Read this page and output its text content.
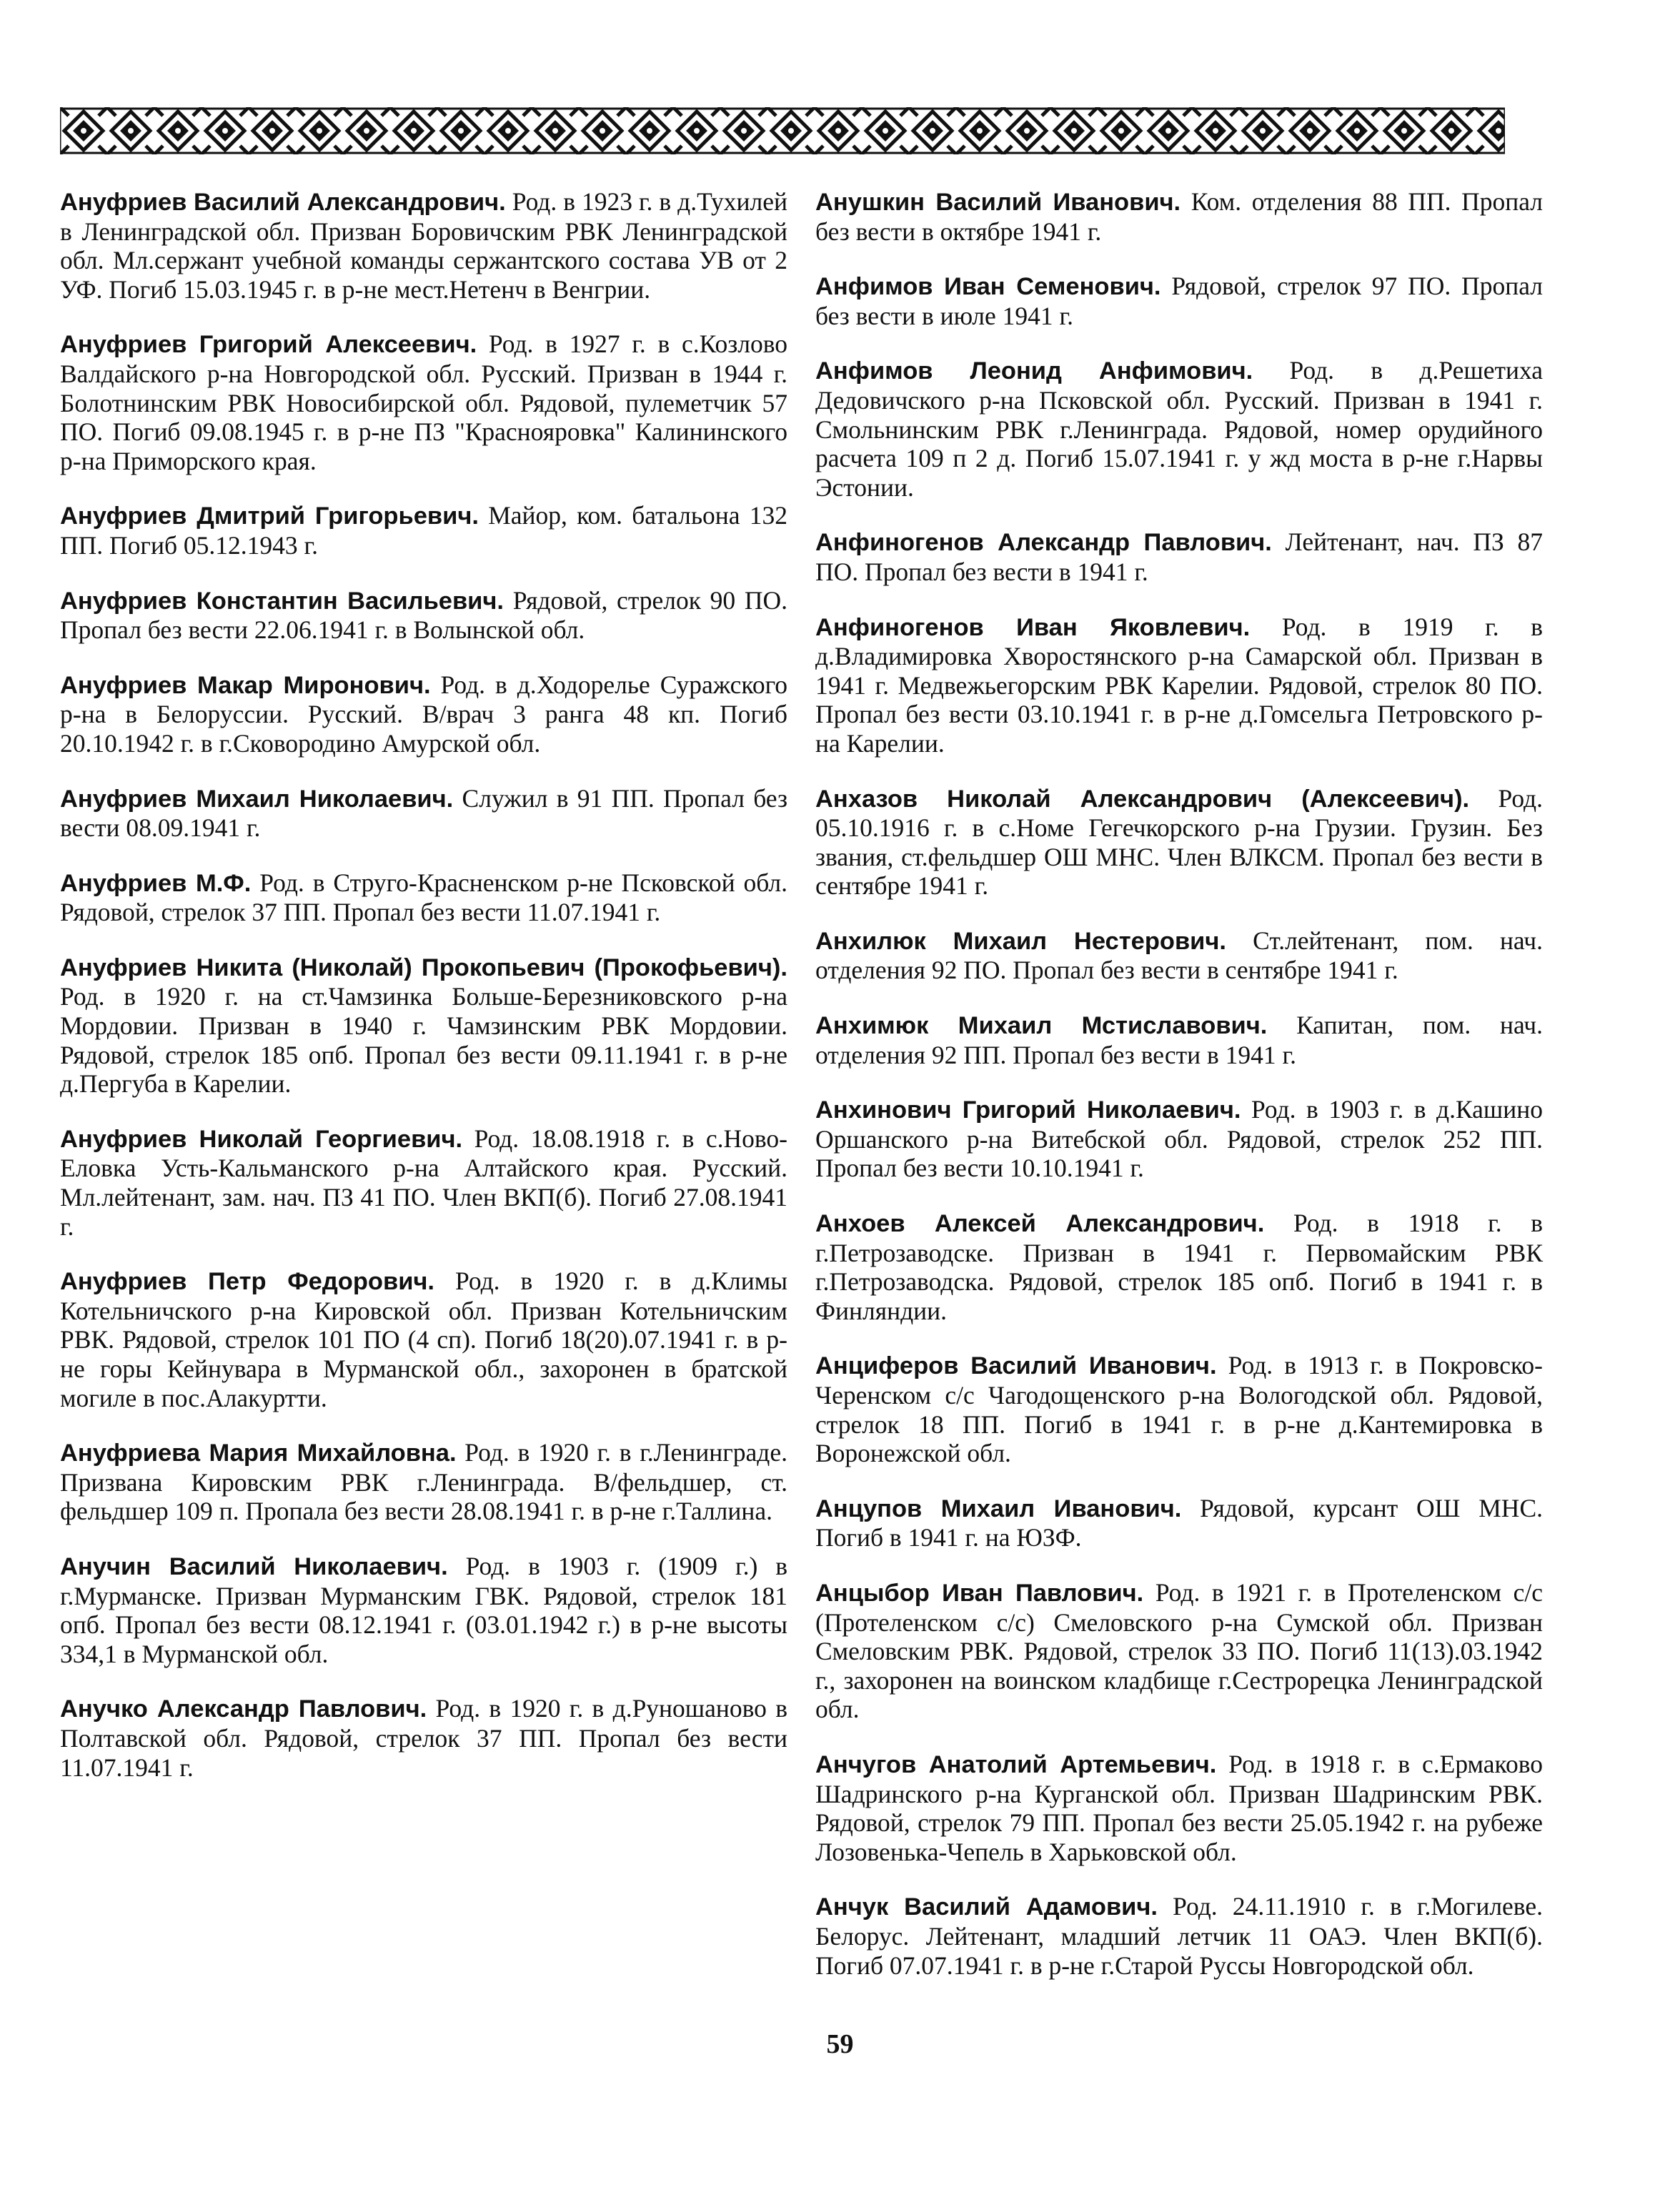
Ануфриев Василий Александрович. Род. в 1923 г. в д.Тухилей в Ленинградской обл. Призван Боровичским РВК Ленинградской обл. Мл.сержант учебной команды сержантского состава УВ от 2 УФ. Погиб 15.03.1945 г. в р-не мест.Нетенч в Венгрии.

Ануфриев Григорий Алексеевич. Род. в 1927 г. в с.Козлово Валдайского р-на Новгородской обл. Русский. Призван в 1944 г. Болотнинским РВК Новосибирской обл. Рядовой, пулеметчик 57 ПО. Погиб 09.08.1945 г. в р-не ПЗ "Краснояровка" Калининского р-на Приморского края.

Ануфриев Дмитрий Григорьевич. Майор, ком. батальона 132 ПП. Погиб 05.12.1943 г.

Ануфриев Константин Васильевич. Рядовой, стрелок 90 ПО. Пропал без вести 22.06.1941 г. в Волынской обл.

Ануфриев Макар Миронович. Род. в д.Ходорелье Суражского р-на в Белоруссии. Русский. В/врач 3 ранга 48 кп. Погиб 20.10.1942 г. в г.Сковородино Амурской обл.

Ануфриев Михаил Николаевич. Служил в 91 ПП. Пропал без вести 08.09.1941 г.

Ануфриев М.Ф. Род. в Струго-Красненском р-не Псковской обл. Рядовой, стрелок 37 ПП. Пропал без вести 11.07.1941 г.

Ануфриев Никита (Николай) Прокопьевич (Прокофьевич). Род. в 1920 г. на ст.Чамзинка Больше-Березниковского р-на Мордовии. Призван в 1940 г. Чамзинским РВК Мордовии. Рядовой, стрелок 185 опб. Пропал без вести 09.11.1941 г. в р-не д.Пергуба в Карелии.

Ануфриев Николай Георгиевич. Род. 18.08.1918 г. в с.Ново-Еловка Усть-Кальманского р-на Алтайского края. Русский. Мл.лейтенант, зам. нач. ПЗ 41 ПО. Член ВКП(б). Погиб 27.08.1941 г.

Ануфриев Петр Федорович. Род. в 1920 г. в д.Климы Котельничского р-на Кировской обл. Призван Котельничским РВК. Рядовой, стрелок 101 ПО (4 сп). Погиб 18(20).07.1941 г. в р-не горы Кейнувара в Мурманской обл., захоронен в братской могиле в пос.Алакуртти.

Ануфриева Мария Михайловна. Род. в 1920 г. в г.Ленинграде. Призвана Кировским РВК г.Ленинграда. В/фельдшер, ст. фельдшер 109 п. Пропала без вести 28.08.1941 г. в р-не г.Таллина.

Анучин Василий Николаевич. Род. в 1903 г. (1909 г.) в г.Мурманске. Призван Мурманским ГВК. Рядовой, стрелок 181 опб. Пропал без вести 08.12.1941 г. (03.01.1942 г.) в р-не высоты 334,1 в Мурманской обл.

Анучко Александр Павлович. Род. в 1920 г. в д.Руношаново в Полтавской обл. Рядовой, стрелок 37 ПП. Пропал без вести 11.07.1941 г.

Анушкин Василий Иванович. Ком. отделения 88 ПП. Пропал без вести в октябре 1941 г.

Анфимов Иван Семенович. Рядовой, стрелок 97 ПО. Пропал без вести в июле 1941 г.

Анфимов Леонид Анфимович. Род. в д.Решетиха Дедовичского р-на Псковской обл. Русский. Призван в 1941 г. Смольнинским РВК г.Ленинграда. Рядовой, номер орудийного расчета 109 п 2 д. Погиб 15.07.1941 г. у жд моста в р-не г.Нарвы Эстонии.

Анфиногенов Александр Павлович. Лейтенант, нач. ПЗ 87 ПО. Пропал без вести в 1941 г.

Анфиногенов Иван Яковлевич. Род. в 1919 г. в д.Владимировка Хворостянского р-на Самарской обл. Призван в 1941 г. Медвежьегорским РВК Карелии. Рядовой, стрелок 80 ПО. Пропал без вести 03.10.1941 г. в р-не д.Гомсельга Петровского р-на Карелии.

Анхазов Николай Александрович (Алексеевич). Род. 05.10.1916 г. в с.Номе Гегечкорского р-на Грузии. Грузин. Без звания, ст.фельдшер ОШ МНС. Член ВЛКСМ. Пропал без вести в сентябре 1941 г.

Анхилюк Михаил Нестерович. Ст.лейтенант, пом. нач. отделения 92 ПО. Пропал без вести в сентябре 1941 г.

Анхимюк Михаил Мстиславович. Капитан, пом. нач. отделения 92 ПП. Пропал без вести в 1941 г.

Анхинович Григорий Николаевич. Род. в 1903 г. в д.Кашино Оршанского р-на Витебской обл. Рядовой, стрелок 252 ПП. Пропал без вести 10.10.1941 г.

Анхоев Алексей Александрович. Род. в 1918 г. в г.Петрозаводске. Призван в 1941 г. Первомайским РВК г.Петрозаводска. Рядовой, стрелок 185 опб. Погиб в 1941 г. в Финляндии.

Анциферов Василий Иванович. Род. в 1913 г. в Покровско-Черенском с/с Чагодощенского р-на Вологодской обл. Рядовой, стрелок 18 ПП. Погиб в 1941 г. в р-не д.Кантемировка в Воронежской обл.

Анцупов Михаил Иванович. Рядовой, курсант ОШ МНС. Погиб в 1941 г. на ЮЗФ.

Анцыбор Иван Павлович. Род. в 1921 г. в Протеленском с/с (Протеленском с/с) Смеловского р-на Сумской обл. Призван Смеловским РВК. Рядовой, стрелок 33 ПО. Погиб 11(13).03.1942 г., захоронен на воинском кладбище г.Сестрорецка Ленинградской обл.

Анчугов Анатолий Артемьевич. Род. в 1918 г. в с.Ермаково Шадринского р-на Курганской обл. Призван Шадринским РВК. Рядовой, стрелок 79 ПП. Пропал без вести 25.05.1942 г. на рубеже Лозовенька-Чепель в Харьковской обл.

Анчук Василий Адамович. Род. 24.11.1910 г. в г.Могилеве. Белорус. Лейтенант, младший летчик 11 ОАЭ. Член ВКП(б). Погиб 07.07.1941 г. в р-не г.Старой Руссы Новгородской обл.

59
